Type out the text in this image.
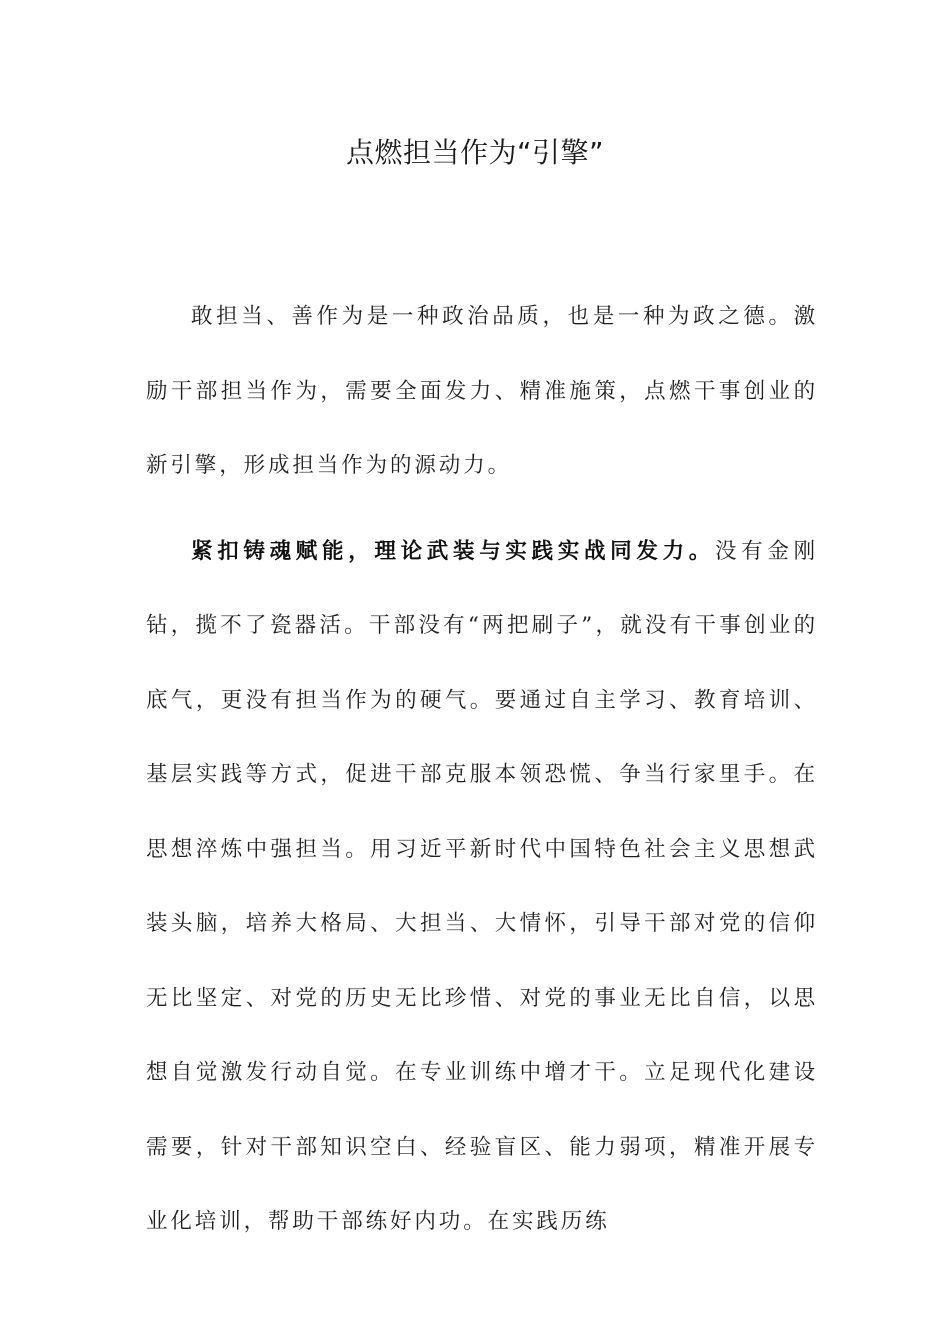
点燃担当作为“引擎”

敢担当、善作为是一种政治品质，也是一种为政之德。激励干部担当作为，需要全面发力、精准施策，点燃干事创业的新引擎，形成担当作为的源动力。

紧扣铸魂赋能，理论武装与实践实战同发力。没有金刚钻，揽不了瓷器活。干部没有“两把刷子”，就没有干事创业的底气，更没有担当作为的硬气。要通过自主学习、教育培训、基层实践等方式，促进干部克服本领恐慌、争当行家里手。在思想淬炼中强担当。用习近平新时代中国特色社会主义思想武装头脑，培养大格局、大担当、大情怀，引导干部对党的信仰无比坚定、对党的历史无比珍惜、对党的事业无比自信，以思想自觉激发行动自觉。在专业训练中增才干。立足现代化建设需要，针对干部知识空白、经验盲区、能力弱项，精准开展专业化培训，帮助干部练好内功。在实践历练
